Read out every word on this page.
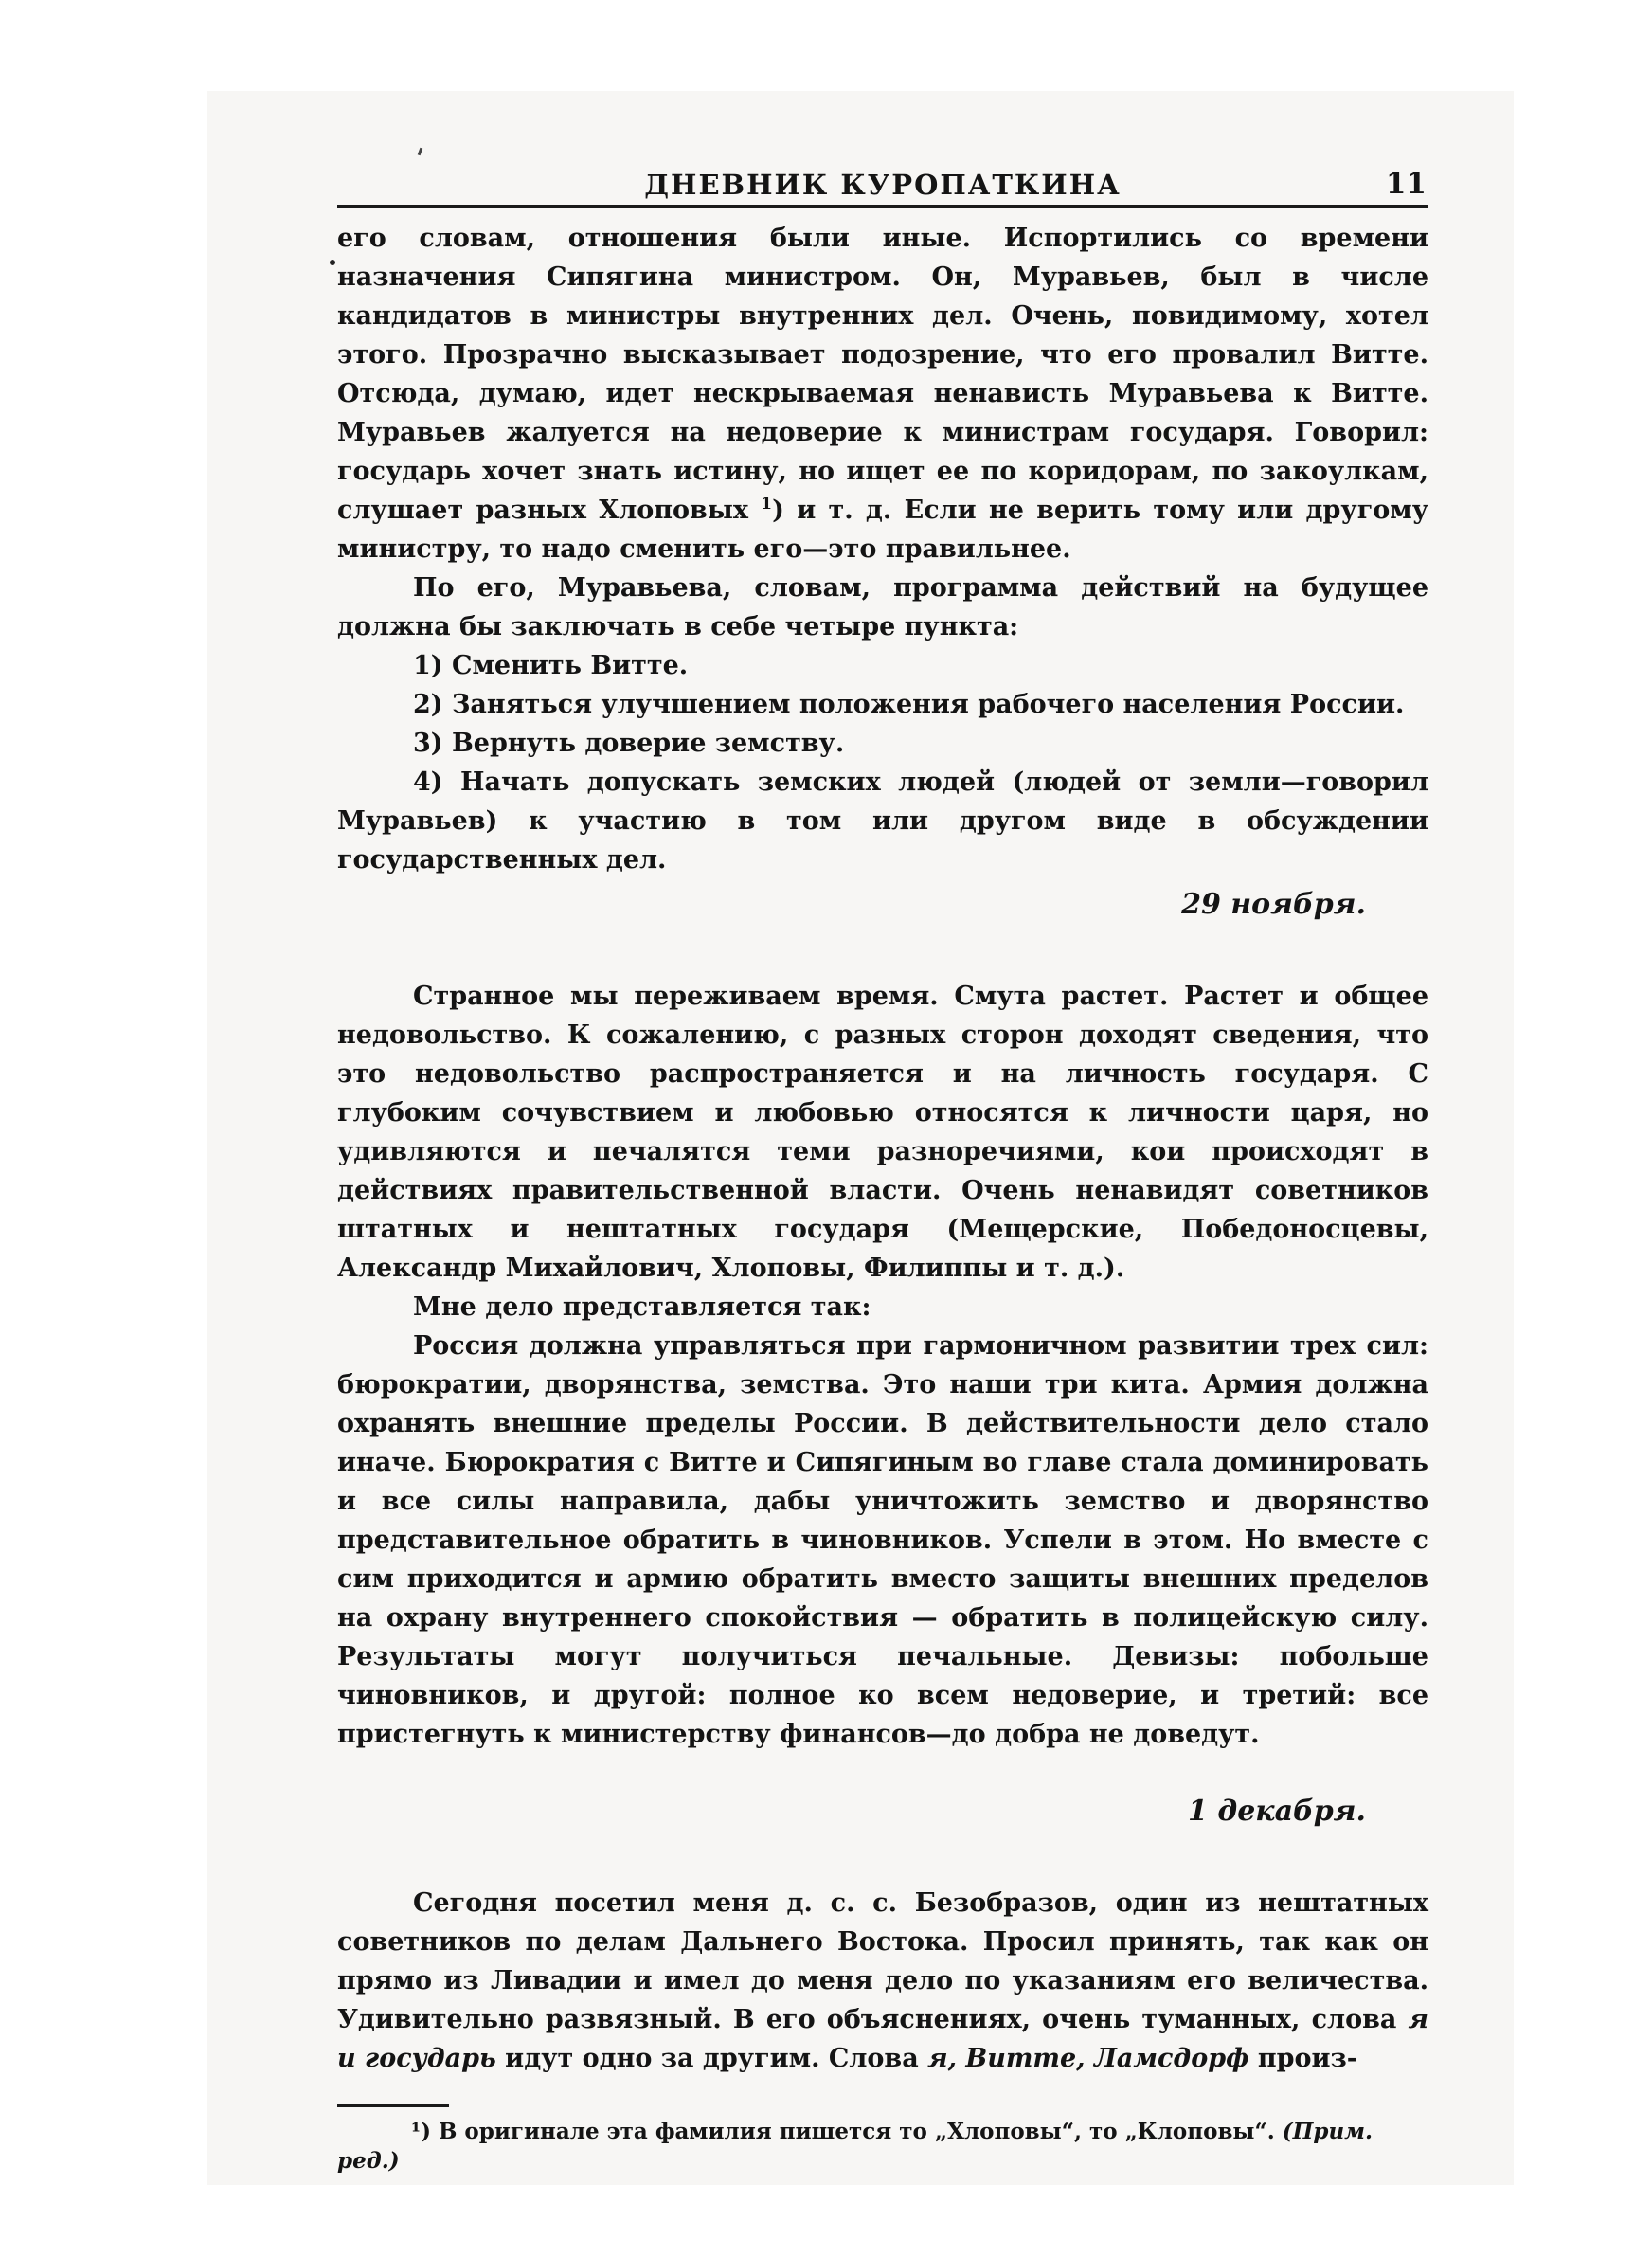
ДНЕВНИК КУРОПАТКИНА	11

его словам, отношения были иные. Испортились со времени назначения Сипягина министром. Он, Муравьев, был в числе кандидатов в министры внутренних дел. Очень, повидимому, хотел этого. Прозрачно высказывает подозрение, что его провалил Витте. Отсюда, думаю, идет нескрываемая ненависть Муравьева к Витте. Муравьев жалуется на недоверие к министрам государя. Говорил: государь хочет знать истину, но ищет ее по коридорам, по закоулкам, слушает разных Хлоповых $^1$) и т. д. Если не верить тому или другому министру, то надо сменить его—это правильнее.

По его, Муравьева, словам, программа действий на будущее должна бы заключать в себе четыре пункта:

1) Сменить Витте.

2) Заняться улучшением положения рабочего населения России.

3) Вернуть доверие земству.

4) Начать допускать земских людей (людей от земли—говорил Муравьев) к участию в том или другом виде в обсуждении государственных дел.

29 ноября.

Странное мы переживаем время. Смута растет. Растет и общее недовольство. К сожалению, с разных сторон доходят сведения, что это недовольство распространяется и на личность государя. С глубоким сочувствием и любовью относятся к личности царя, но удивляются и печалятся теми разноречиями, кои происходят в действиях правительственной власти. Очень ненавидят советников штатных и нештатных государя (Мещерские, Победоносцевы, Александр Михайлович, Хлоповы, Филиппы и т. д.).

Мне дело представляется так:

Россия должна управляться при гармоничном развитии трех сил: бюрократии, дворянства, земства. Это наши три кита. Армия должна охранять внешние пределы России. В действительности дело стало иначе. Бюрократия с Витте и Сипягиным во главе стала доминировать и все силы направила, дабы уничтожить земство и дворянство представительное обратить в чиновников. Успели в этом. Но вместе с сим приходится и армию обратить вместо защиты внешних пределов на охрану внутреннего спокойствия — обратить в полицейскую силу. Результаты могут получиться печальные. Девизы: побольше чиновников, и другой: полное ко всем недоверие, и третий: все пристегнуть к министерству финансов—до добра не доведут.

1 декабря.

Сегодня посетил меня д. с. с. Безобразов, один из нештатных советников по делам Дальнего Востока. Просил принять, так как он прямо из Ливадии и имел до меня дело по указаниям его величества. Удивительно развязный. В его объяснениях, очень туманных, слова я и государь идут одно за другим. Слова я, Витте, Ламсдорф произ-

¹) В оригинале эта фамилия пишется то „Хлоповы“, то „Клоповы“. (Прим. ред.)
